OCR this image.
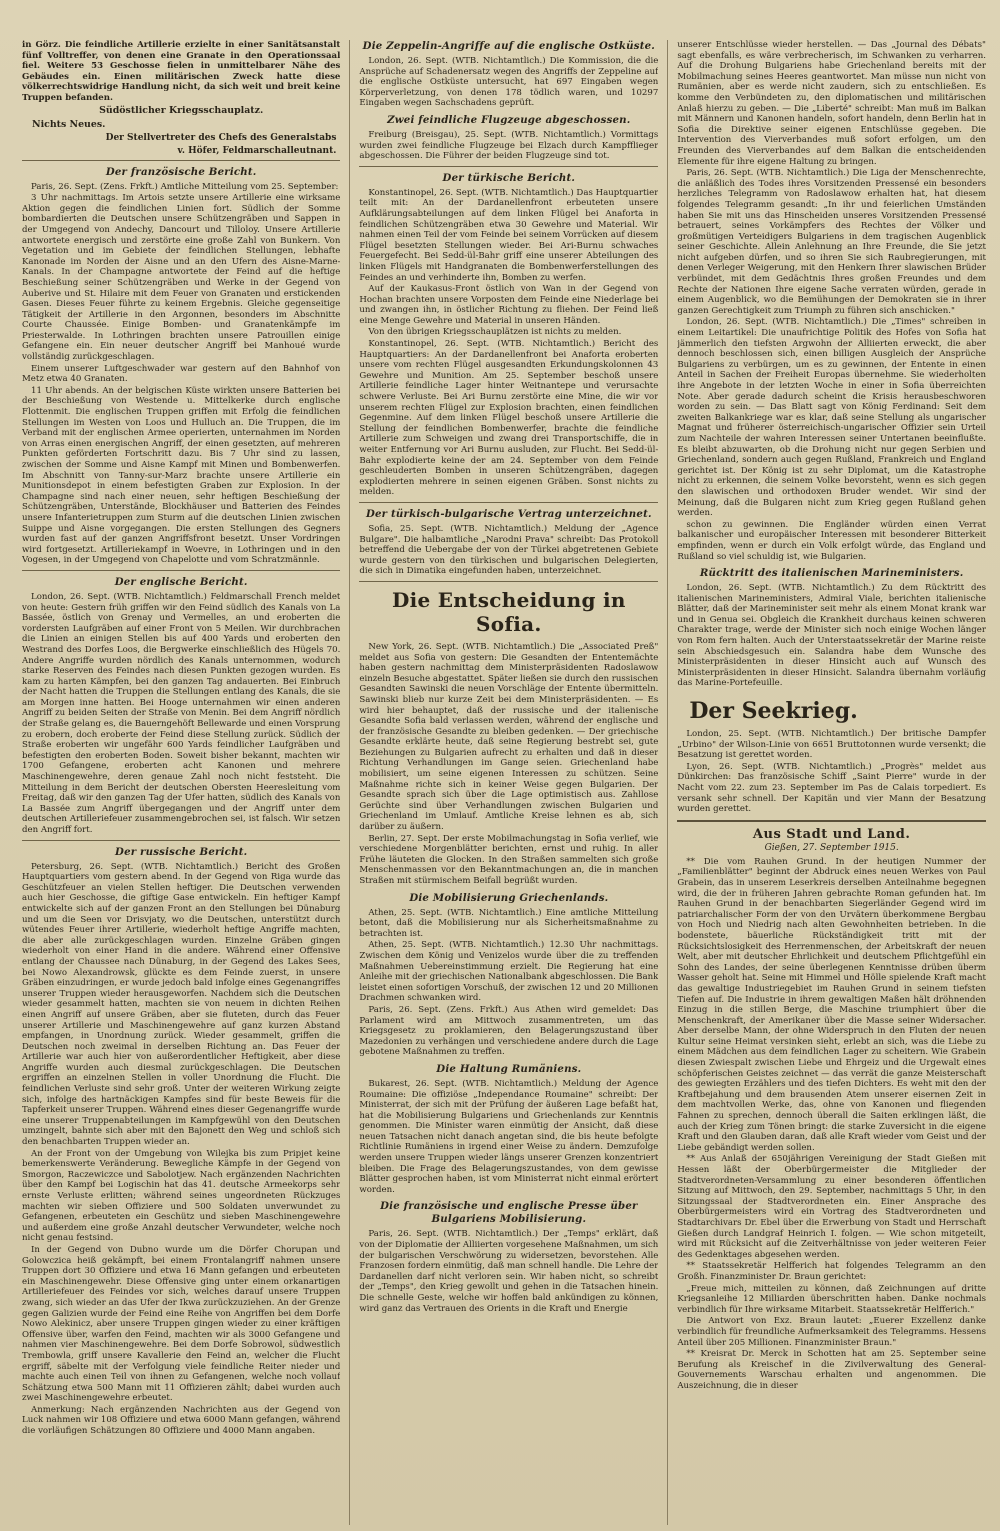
in Görz. Die feindliche Artillerie erzielte in einer Sanitätsanstalt fünf Volltreffer, von denen eine Granate in den Operationssaal fiel. Weitere 53 Geschosse fielen in unmittelbarer Nähe des Gebäudes ein. Einen militärischen Zweck hatte diese völkerrechtswidrige Handlung nicht, da sich weit und breit keine Truppen befanden.

Südöstlicher Kriegsschauplatz.
Nichts Neues.
Der Stellvertreter des Chefs des Generalstabs
v. Höfer, Feldmarschalleutnant.
Der französische Bericht.

Paris, 26. Sept. (Zens. Frkft.) Amtliche Mitteilung vom 25. September:

3 Uhr nachmittags. Im Artois setzte unsere Artillerie eine wirksame Aktion gegen die feindlichen Linien fort. Südlich der Somme bombardierten die Deutschen unsere Schützengräben und Sappen in der Umgegend von Andechy, Dancourt und Tilloloy. Unsere Artillerie antwortete energisch und zerstörte eine große Zahl von Bunkern. Von Vegetation und im Gebiete der feindlichen Stellungen, lebhafte Kanonade im Norden der Aisne und an den Ufern des Aisne-Marne-Kanals. In der Champagne antwortete der Feind auf die heftige Beschießung seiner Schützengräben und Werke in der Gegend von Auberive und St. Hilaire mit dem Feuer von Granaten und erstickenden Gasen. Dieses Feuer führte zu keinem Ergebnis. Gleiche gegenseitige Tätigkeit der Artillerie in den Argonnen, besonders im Abschnitte Courte Chaussée. Einige Bomben- und Granatenkämpfe im Priesterwalde. In Lothringen brachten unsere Patrouillen einige Gefangene ein. Ein neuer deutscher Angriff bei Manhoué wurde vollständig zurückgeschlagen.

Einem unserer Luftgeschwader war gestern auf den Bahnhof von Metz etwa 40 Granaten.

11 Uhr abends. An der belgischen Küste wirkten unsere Batterien bei der Beschießung von Westende u. Mittelkerke durch englische Flottenmit. Die englischen Truppen griffen mit Erfolg die feindlichen Stellungen im Westen von Loos und Hulluch an. Die Truppen, die im Verband mit der englischen Armee operierten, unternahmen im Norden von Arras einen energischen Angriff, der einen gesetzten, auf mehreren Punkten geförderten Fortschritt dazu. Bis 7 Uhr sind zu lassen, zwischen der Somme und Aisne Kampf mit Minen und Bombenwerfen. Im Abschnitt von Tanny-sur-Marz brachte unsere Artillerie ein Munitionsdepot in einem befestigten Graben zur Explosion. In der Champagne sind nach einer neuen, sehr heftigen Beschießung der Schützengräben, Unterstände, Blockhäuser und Batterien des Feindes unsere Infanterietruppen zum Sturm auf die deutschen Linien zwischen Suippe und Aisne vorgegangen. Die ersten Stellungen des Gegners wurden fast auf der ganzen Angriffsfront besetzt. Unser Vordringen wird fortgesetzt. Artilleriekampf in Woevre, in Lothringen und in den Vogesen, in der Umgegend von Chapelotte und vom Schratzmännle.

Der englische Bericht.

London, 26. Sept. (WTB. Nichtamtlich.) Feldmarschall French meldet von heute: Gestern früh griffen wir den Feind südlich des Kanals von La Bassée, östlich von Grenay und Vermelles, an und eroberten die vordersten Laufgräben auf einer Front von 5 Meilen. Wir durchbrachen die Linien an einigen Stellen bis auf 400 Yards und eroberten den Westrand des Dorfes Loos, die Bergwerke einschließlich des Hügels 70. Andere Angriffe wurden nördlich des Kanals unternommen, wodurch starke Reserven des Feindes nach diesen Punkten gezogen wurden. Es kam zu harten Kämpfen, bei den ganzen Tag andauerten. Bei Einbruch der Nacht hatten die Truppen die Stellungen entlang des Kanals, die sie am Morgen inne hatten. Bei Hooge unternahmen wir einen anderen Angriff zu beiden Seiten der Straße von Menin. Bei dem Angriff nördlich der Straße gelang es, die Bauerngehöft Bellewarde und einen Vorsprung zu erobern, doch eroberte der Feind diese Stellung zurück. Südlich der Straße eroberten wir ungefähr 600 Yards feindlicher Laufgräben und befestigten den eroberten Boden. Soweit bisher bekannt, machten wir 1700 Gefangene, eroberten acht Kanonen und mehrere Maschinengewehre, deren genaue Zahl noch nicht feststeht. Die Mitteilung in dem Bericht der deutschen Obersten Heeresleitung vom Freitag, daß wir den ganzen Tag der Ufer hatten, südlich des Kanals von La Bassée zum Angriff übergegangen und der Angriff unter dem deutschen Artilleriefeuer zusammengebrochen sei, ist falsch. Wir setzen den Angriff fort.

Der russische Bericht.

Petersburg, 26. Sept. (WTB. Nichtamtlich.) Bericht des Großen Hauptquartiers vom gestern abend. In der Gegend von Riga wurde das Geschützfeuer an vielen Stellen heftiger. Die Deutschen verwenden auch hier Geschosse, die giftige Gase entwickeln. Ein heftiger Kampf entwickelte sich auf der ganzen Front an den Stellungen bei Dünaburg und um die Seen vor Drisvjaty, wo die Deutschen, unterstützt durch wütendes Feuer ihrer Artillerie, wiederholt heftige Angriffe machten, die aber alle zurückgeschlagen wurden. Einzelne Gräben gingen wiederholt von einer Hand in die andere. Während einer Offensive entlang der Chaussee nach Dünaburg, in der Gegend des Lakes Sees, bei Nowo Alexandrowsk, glückte es dem Feinde zuerst, in unsere Gräben einzudringen, er wurde jedoch bald infolge eines Gegenangriffes unserer Truppen wieder herausgeworfen. Nachdem sich die Deutschen wieder gesammelt hatten, machten sie von neuem in dichten Reihen einen Angriff auf unsere Gräben, aber sie fluteten, durch das Feuer unserer Artillerie und Maschinengewehre auf ganz kurzen Abstand empfangen, in Unordnung zurück. Wieder gesammelt, griffen die Deutschen noch zweimal in derselben Richtung an. Das Feuer der Artillerie war auch hier von außerordentlicher Heftigkeit, aber diese Angriffe wurden auch diesmal zurückgeschlagen. Die Deutschen ergriffen an einzelnen Stellen in voller Unordnung die Flucht. Die feindlichen Verluste sind sehr groß. Unter der weiteren Wirkung zeigte sich, infolge des hartnäckigen Kampfes sind für beste Beweis für die Tapferkeit unserer Truppen. Während eines dieser Gegenangriffe wurde eine unserer Truppenabteilungen im Kampfgewühl von den Deutschen umzingelt, bahnte sich aber mit den Bajonett den Weg und schloß sich den benachbarten Truppen wieder an.

An der Front von der Umgebung von Wilejka bis zum Pripjet keine bemerkenswerte Veränderung. Bewegliche Kämpfe in der Gegend von Smorgon, Raczewiczce und Sabolotjew. Nach ergänzenden Nachrichten über den Kampf bei Logischin hat das 41. deutsche Armeekorps sehr ernste Verluste erlitten; während seines ungeordneten Rückzuges machten wir sieben Offiziere und 500 Soldaten unverwundet zu Gefangenen, erbeuteten ein Geschütz und sieben Maschinengewehre und außerdem eine große Anzahl deutscher Verwundeter, welche noch nicht genau festsind.

In der Gegend von Dubno wurde um die Dörfer Chorupan und Golowczica heiß gekämpft, bei einem Frontalangriff nahmen unsere Truppen dort 30 Offiziere und etwa 16 Mann gefangen und erbeuteten ein Maschinengewehr. Diese Offensive ging unter einem orkanartigen Artilleriefeuer des Feindes vor sich, welches darauf unsere Truppen zwang, sich wieder an das Ufer der Ikwa zurückzuziehen. An der Grenze gegen Galizien wurde der Feind eine Reihe von Angriffen bei dem Dorfe Nowo Alekinicz, aber unsere Truppen gingen wieder zu einer kräftigen Offensive über, warfen den Feind, machten wir als 3000 Gefangene und nahmen vier Maschinengewehre. Bei dem Dorfe Sobrowol, südwestlich Trembowla, griff unsere Kavallerie den Feind an, welcher die Flucht ergriff, säbelte mit der Verfolgung viele feindliche Reiter nieder und machte auch einen Teil von ihnen zu Gefangenen, welche noch vollauf Schätzung etwa 500 Mann mit 11 Offizieren zählt; dabei wurden auch zwei Maschinengewehre erbeutet.

Anmerkung: Nach ergänzenden Nachrichten aus der Gegend von Luck nahmen wir 108 Offiziere und etwa 6000 Mann gefangen, während die vorläufigen Schätzungen 80 Offiziere und 4000 Mann angaben.

Die Zeppelin-Angriffe auf die englische Ostküste.

London, 26. Sept. (WTB. Nichtamtlich.) Die Kommission, die die Ansprüche auf Schadenersatz wegen des Angriffs der Zeppeline auf die englische Ostküste untersucht, hat 697 Eingaben wegen Körperverletzung, von denen 178 tödlich waren, und 10297 Eingaben wegen Sachschadens geprüft.

Zwei feindliche Flugzeuge abgeschossen.

Freiburg (Breisgau), 25. Sept. (WTB. Nichtamtlich.) Vormittags wurden zwei feindliche Flugzeuge bei Elzach durch Kampfflieger abgeschossen. Die Führer der beiden Flugzeuge sind tot.

Der türkische Bericht.

Konstantinopel, 26. Sept. (WTB. Nichtamtlich.) Das Hauptquartier teilt mit: An der Dardanellenfront erbeuteten unsere Aufklärungsabteilungen auf dem linken Flügel bei Anaforta in feindlichen Schützengräben etwa 30 Gewehre und Material. Wir nahmen einen Teil der vom Feinde bei seinem Vorrücken auf diesem Flügel besetzten Stellungen wieder. Bei Ari-Burnu schwaches Feuergefecht. Bei Sedd-ül-Bahr griff eine unserer Abteilungen des linken Flügels mit Handgranaten die Bombenwerferstellungen des Feindes an und verhinderte ihn, Bomben zu werfen.

Auf der Kaukasus-Front östlich von Wan in der Gegend von Hochan brachten unsere Vorposten dem Feinde eine Niederlage bei und zwangen ihn, in östlicher Richtung zu fliehen. Der Feind ließ eine Menge Gewehre und Material in unseren Händen.

Von den übrigen Kriegsschauplätzen ist nichts zu melden.

Konstantinopel, 26. Sept. (WTB. Nichtamtlich.) Bericht des Hauptquartiers: An der Dardanellenfront bei Anaforta eroberten unsere vom rechten Flügel ausgesandten Erkundungskolonnen 43 Gewehre und Munition. Am 25. September beschoß unsere Artillerie feindliche Lager hinter Weitnantepe und verursachte schwere Verluste. Bei Ari Burnu zerstörte eine Mine, die wir vor unserem rechten Flügel zur Explosion brachten, einen feindlichen Gegenmine. Auf dem linken Flügel beschoß unsere Artillerie die Stellung der feindlichen Bombenwerfer, brachte die feindliche Artillerie zum Schweigen und zwang drei Transportschiffe, die in weiter Entfernung vor Ari Burnu ausluden, zur Flucht. Bei Sedd-ül-Bahr explodierte keine der am 24. September von dem Feinde geschleuderten Bomben in unseren Schützengräben, dagegen explodierten mehrere in seinen eigenen Gräben. Sonst nichts zu melden.

Der türkisch-bulgarische Vertrag unterzeichnet.

Sofia, 25. Sept. (WTB. Nichtamtlich.) Meldung der „Agence Bulgare". Die halbamtliche „Narodni Prava" schreibt: Das Protokoll betreffend die Uebergabe der von der Türkei abgetretenen Gebiete wurde gestern von den türkischen und bulgarischen Delegierten, die sich in Dimatika eingefunden haben, unterzeichnet.

Die Entscheidung in Sofia.

New York, 26. Sept. (WTB. Nichtamtlich.) Die „Associated Preß" meldet aus Sofia von gestern: Die Gesandten der Ententemächte haben gestern nachmittag dem Ministerpräsidenten Radoslawow einzeln Besuche abgestattet. Später ließen sie durch den russischen Gesandten Sawinski die neuen Vorschläge der Entente übermitteln. Sawinski blieb nur kurze Zeit bei dem Ministerpräsidenten. — Es wird hier behauptet, daß der russische und der italienische Gesandte Sofia bald verlassen werden, während der englische und der französische Gesandte zu bleiben gedenken. — Der griechische Gesandte erklärte heute, daß seine Regierung bestrebt sei, gute Beziehungen zu Bulgarien aufrecht zu erhalten und daß in dieser Richtung Verhandlungen im Gange seien. Griechenland habe mobilisiert, um seine eigenen Interessen zu schützen. Seine Maßnahme richte sich in keiner Weise gegen Bulgarien. Der Gesandte sprach sich über die Lage optimistisch aus. Zahllose Gerüchte sind über Verhandlungen zwischen Bulgarien und Griechenland im Umlauf. Amtliche Kreise lehnen es ab, sich darüber zu äußern.

Berlin, 27. Sept. Der erste Mobilmachungstag in Sofia verlief, wie verschiedene Morgenblätter berichten, ernst und ruhig. In aller Frühe läuteten die Glocken. In den Straßen sammelten sich große Menschenmassen vor den Bekanntmachungen an, die in manchen Straßen mit stürmischem Beifall begrüßt wurden.

Die Mobilisierung Griechenlands.

Athen, 25. Sept. (WTB. Nichtamtlich.) Eine amtliche Mitteilung betont, daß die Mobilisierung nur als Sicherheitsmaßnahme zu betrachten ist.

Athen, 25. Sept. (WTB. Nichtamtlich.) 12.30 Uhr nachmittags. Zwischen dem König und Venizelos wurde über die zu treffenden Maßnahmen Uebereinstimmung erzielt. Die Regierung hat eine Anleihe mit der griechischen Nationalbank abgeschlossen. Die Bank leistet einen sofortigen Vorschuß, der zwischen 12 und 20 Millionen Drachmen schwanken wird.

Paris, 26. Sept. (Zens. Frkft.) Aus Athen wird gemeldet: Das Parlament wird am Mittwoch zusammentreten, um das Kriegsgesetz zu proklamieren, den Belagerungszustand über Mazedonien zu verhängen und verschiedene andere durch die Lage gebotene Maßnahmen zu treffen.

Die Haltung Rumäniens.

Bukarest, 26. Sept. (WTB. Nichtamtlich.) Meldung der Agence Roumaine: Die offiziöse „Independance Roumaine" schreibt: Der Ministerrat, der sich mit der Prüfung der äußeren Lage befaßt hat, hat die Mobilisierung Bulgariens und Griechenlands zur Kenntnis genommen. Die Minister waren einmütig der Ansicht, daß diese neuen Tatsachen nicht danach angetan sind, die bis heute befolgte Richtlinie Rumäniens in irgend einer Weise zu ändern. Demzufolge werden unsere Truppen wieder längs unserer Grenzen konzentriert bleiben. Die Frage des Belagerungszustandes, von dem gewisse Blätter gesprochen haben, ist vom Ministerrat nicht einmal erörtert worden.

Die französische und englische Presse über Bulgariens Mobilisierung.

Paris, 26. Sept. (WTB. Nichtamtlich.) Der „Temps" erklärt, daß von der Diplomatie der Alliierten vorgesehene Maßnahmen, um sich der bulgarischen Verschwörung zu widersetzen, bevorstehen. Alle Franzosen fordern einmütig, daß man schnell handle. Die Lehre der Dardanellen darf nicht verloren sein. Wir haben nicht, so schreibt der „Temps", den Krieg gewollt und gehen in die Tatsachen hinein. Die schnelle Geste, welche wir hoffen bald ankündigen zu können, wird ganz das Vertrauen des Orients in die Kraft und Energie

unserer Entschlüsse wieder herstellen. — Das „Journal des Débats" sagt ebenfalls, es wäre verbrecherisch, im Schwanken zu verharren. Auf die Drohung Bulgariens habe Griechenland bereits mit der Mobilmachung seines Heeres geantwortet. Man müsse nun nicht von Rumänien, aber es werde nicht zaudern, sich zu entschließen. Es komme den Verbündeten zu, den diplomatischen und militärischen Anlaß hierzu zu geben. — Die „Liberté" schreibt: Man muß im Balkan mit Männern und Kanonen handeln, sofort handeln, denn Berlin hat in Sofia die Direktive seiner eigenen Entschlüsse gegeben. Die Intervention des Vierverbandes muß sofort erfolgen, um den Freunden des Vierverbandes auf dem Balkan die entscheidenden Elemente für ihre eigene Haltung zu bringen.

Paris, 26. Sept. (WTB. Nichtamtlich.) Die Liga der Menschenrechte, die anläßlich des Todes ihres Vorsitzenden Pressensé ein besonders herzliches Telegramm von Radoslawow erhalten hat, hat diesem folgendes Telegramm gesandt: „In ihr und feierlichen Umständen haben Sie mit uns das Hinscheiden unseres Vorsitzenden Pressensé betrauert, seines Vorkämpfers des Rechtes der Völker und großmütigen Verteidigers Bulgariens in dem tragischen Augenblick seiner Geschichte. Allein Anlehnung an Ihre Freunde, die Sie jetzt nicht aufgeben dürfen, und so ihren Sie sich Raubregierungen, mit denen Verleger Weigerung, mit den Henkern Ihrer slawischen Brüder verbündet, mit dem Gedächtnis Ihres großen Freundes und dem Rechte der Nationen Ihre eigene Sache verraten würden, gerade in einem Augenblick, wo die Bemühungen der Demokraten sie in ihrer ganzen Gerechtigkeit zum Triumph zu führen sich anschicken."

London, 26. Sept. (WTB. Nichtamtlich.) Die „Times" schreiben in einem Leitartikel: Die unaufrichtige Politik des Hofes von Sofia hat jämmerlich den tiefsten Argwohn der Alliierten erweckt, die aber dennoch beschlossen sich, einen billigen Ausgleich der Ansprüche Bulgariens zu verbürgen, um es zu gewinnen, der Entente in einen Anteil in Sachen der Freiheit Europas übernehme. Sie wiederholten ihre Angebote in der letzten Woche in einer in Sofia überreichten Note. Aber gerade dadurch scheint die Krisis herausbeschworen worden zu sein. — Das Blatt sagt von König Ferdinand: Seit dem zweiten Balkankriege war es klar, daß seine Stellung als ungarischer Magnat und früherer österreichisch-ungarischer Offizier sein Urteil zum Nachteile der wahren Interessen seiner Untertanen beeinflußte. Es bleibt abzuwarten, ob die Drohung nicht nur gegen Serbien und Griechenland, sondern auch gegen Rußland, Frankreich und England gerichtet ist. Der König ist zu sehr Diplomat, um die Katastrophe nicht zu erkennen, die seinem Volke bevorsteht, wenn es sich gegen den slawischen und orthodoxen Bruder wendet. Wir sind der Meinung, daß die Bulgaren nicht zum Krieg gegen Rußland gehen werden.

schon zu gewinnen. Die Engländer würden einen Verrat balkanischer und europäischer Interessen mit besonderer Bitterkeit empfinden, wenn er durch ein Volk erfolgt würde, das England und Rußland so viel schuldig ist, wie Bulgarien.

Rücktritt des italienischen Marineministers.

London, 26. Sept. (WTB. Nichtamtlich.) Zu dem Rücktritt des italienischen Marineministers, Admiral Viale, berichten italienische Blätter, daß der Marineminister seit mehr als einem Monat krank war und in Genua sei. Obgleich die Krankheit durchaus keinen schweren Charakter trage, werde der Minister sich noch einige Wochen länger von Rom fern halten. Auch der Unterstaatssekretär der Marine reiste sein Abschiedsgesuch ein. Salandra habe dem Wunsche des Ministerpräsidenten in dieser Hinsicht auch auf Wunsch des Ministerpräsidenten in dieser Hinsicht. Salandra übernahm vorläufig das Marine-Portefeuille.

Der Seekrieg.

London, 25. Sept. (WTB. Nichtamtlich.) Der britische Dampfer „Urbino" der Wilson-Linie von 6651 Bruttotonnen wurde versenkt; die Besatzung ist gerettet worden.

Lyon, 26. Sept. (WTB. Nichtamtlich.) „Progrès" meldet aus Dünkirchen: Das französische Schiff „Saint Pierre" wurde in der Nacht vom 22. zum 23. September im Pas de Calais torpediert. Es versank sehr schnell. Der Kapitän und vier Mann der Besatzung wurden gerettet.

Aus Stadt und Land.
Gießen, 27. September 1915.

** Die vom Rauhen Grund. In der heutigen Nummer der „Familienblätter" beginnt der Abdruck eines neuen Werkes von Paul Grabein, das in unserem Leserkreis derselben Anteilnahme begegnen wird, die der in früheren Jahren gebrachte Roman gefunden hat. Im Rauhen Grund in der benachbarten Siegerländer Gegend wird im patriarchalischer Form der von den Urvätern überkommene Bergbau von Hoch und Niedrig nach alten Gewohnheiten betrieben. In die bodenstete, bäuerliche Rückständigkeit tritt mit der Rücksichtslosigkeit des Herrenmenschen, der Arbeitskraft der neuen Welt, aber mit deutscher Ehrlichkeit und deutschem Pflichtgefühl ein Sohn des Landes, der seine überlegenen Kenntnisse drüben überm Wasser geholt hat. Seine mit Himmel und Hölle spielende Kraft macht das gewaltige Industriegebiet im Rauhen Grund in seinem tiefsten Tiefen auf. Die Industrie in ihrem gewaltigen Maßen hält dröhnenden Einzug in die stillen Berge, die Maschine triumphiert über die Menschenkraft, der Amerikaner über die Masse seiner Widersacher. Aber derselbe Mann, der ohne Widerspruch in den Fluten der neuen Kultur seine Heimat versinken sieht, erlebt an sich, was die Liebe zu einem Mädchen aus dem feindlichen Lager zu scheitern. Wie Grabein diesen Zwiespalt zwischen Liebe und Ehrgeiz und die Urgewalt eines schöpferischen Geistes zeichnet — das verrät die ganze Meisterschaft des gewiegten Erzählers und des tiefen Dichters. Es weht mit den der Kraftbejahung und dem brausenden Atem unserer eisernen Zeit in dem machtvollen Werke, das, ohne von Kanonen und fliegenden Fahnen zu sprechen, dennoch überall die Saiten erklingen läßt, die auch der Krieg zum Tönen bringt: die starke Zuversicht in die eigene Kraft und den Glauben daran, daß alle Kraft wieder vom Geist und der Liebe gebändigt werden sollen.

** Aus Anlaß der 650jährigen Vereinigung der Stadt Gießen mit Hessen läßt der Oberbürgermeister die Mitglieder der Stadtverordneten-Versammlung zu einer besonderen öffentlichen Sitzung auf Mittwoch, den 29. September, nachmittags 5 Uhr, in den Sitzungssaal der Stadtverordneten ein. Einer Ansprache des Oberbürgermeisters wird ein Vortrag des Stadtverordneten und Stadtarchivars Dr. Ebel über die Erwerbung von Stadt und Herrschaft Gießen durch Landgraf Heinrich I. folgen. — Wie schon mitgeteilt, wird mit Rücksicht auf die Zeitverhältnisse von jeder weiteren Feier des Gedenktages abgesehen werden.

** Staatssekretär Helfferich hat folgendes Telegramm an den Großh. Finanzminister Dr. Braun gerichtet:

„Freue mich, mitteilen zu können, daß Zeichnungen auf dritte Kriegsanleihe 12 Milliarden überschritten haben. Danke nochmals verbindlich für Ihre wirksame Mitarbeit. Staatssekretär Helfferich."

Die Antwort von Exz. Braun lautet: „Euerer Exzellenz danke verbindlich für freundliche Aufmerksamkeit des Telegramms. Hessens Anteil über 205 Millionen. Finanzminister Braun."

** Kreisrat Dr. Merck in Schotten hat am 25. September seine Berufung als Kreischef in die Zivilverwaltung des General-Gouvernements Warschau erhalten und angenommen. Die Auszeichnung, die in dieser
